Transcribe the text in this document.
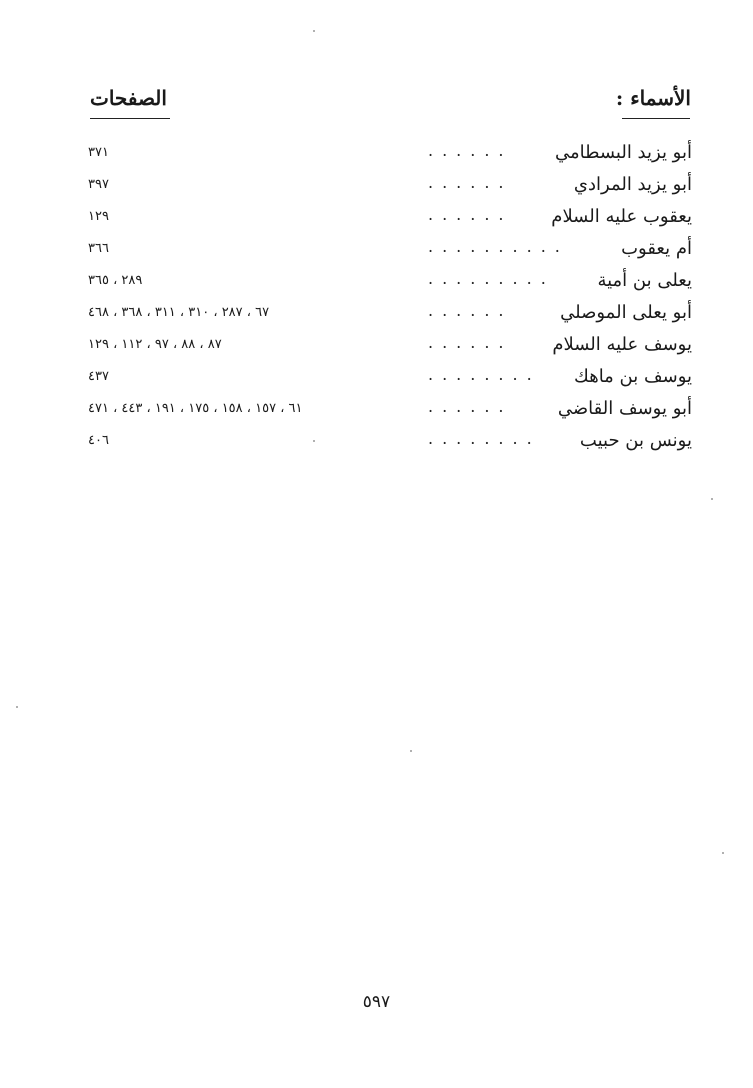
الأسماء :
الصفحات
أبو يزيد البسطامي
......
٣٧١
أبو يزيد المرادي
......
٣٩٧
يعقوب عليه السلام
......
١٢٩
أم يعقوب
..........
٣٦٦
يعلى بن أمية
.........
٢٨٩ ، ٣٦٥
أبو يعلى الموصلي
......
٦٧ ، ٢٨٧ ، ٣١٠ ، ٣١١ ، ٣٦٨ ، ٤٦٨
يوسف عليه السلام
......
٨٧ ، ٨٨ ، ٩٧ ، ١١٢ ، ١٢٩
يوسف بن ماهك
........
٤٣٧
أبو يوسف القاضي
......
٦١ ، ١٥٧ ، ١٥٨ ، ١٧٥ ، ١٩١ ، ٤٤٣ ، ٤٧١
يونس بن حبيب
........
٤٠٦
٥٩٧
